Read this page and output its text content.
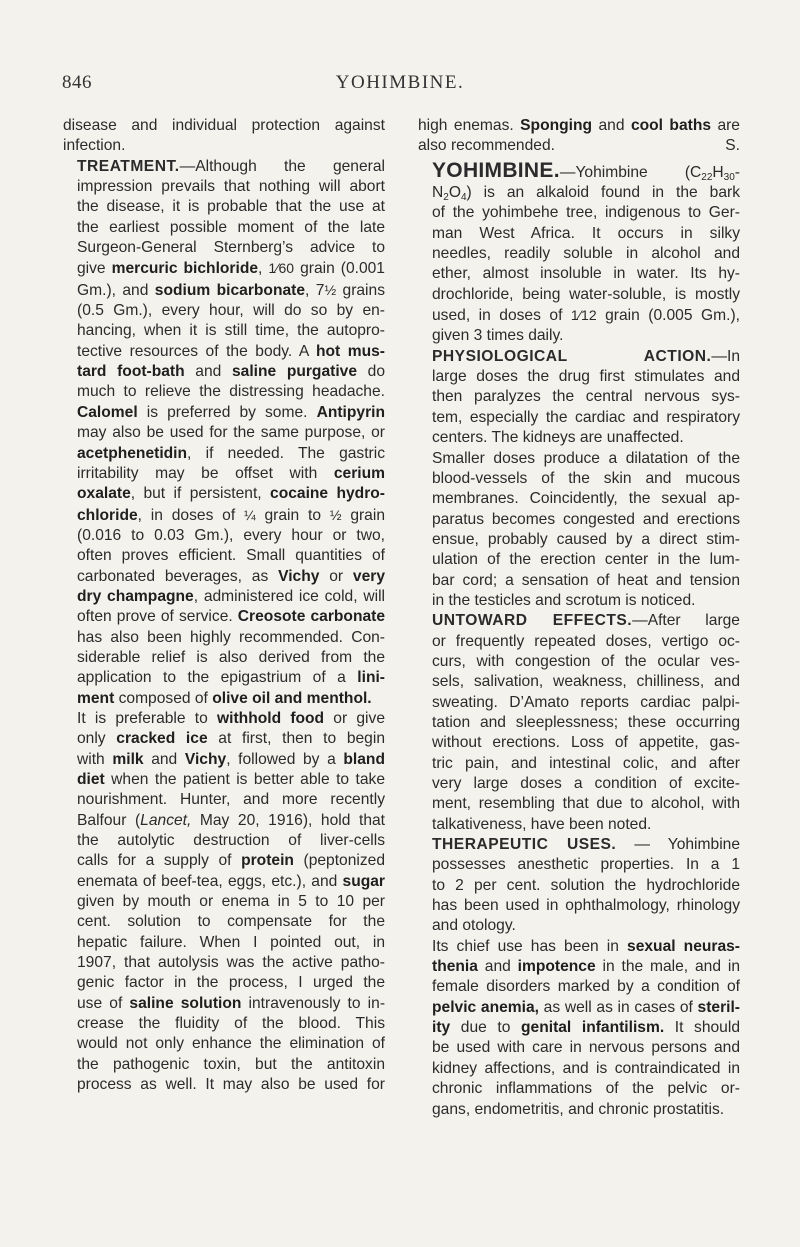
846	YOHIMBINE.

disease and individual protection against
infection.

TREATMENT.—Although the general
impression prevails that nothing will abort
the disease, it is probable that the use at
the earliest possible moment of the late
Surgeon-General Sternberg’s advice to
give mercuric bichloride, 1⁄60 grain (0.001
Gm.), and sodium bicarbonate, 7½ grains
(0.5 Gm.), every hour, will do so by en-
hancing, when it is still time, the autopro-
tective resources of the body. A hot mus-
tard foot-bath and saline purgative do
much to relieve the distressing headache.
Calomel is preferred by some. Antipyrin
may also be used for the same purpose, or
acetphenetidin, if needed. The gastric
irritability may be offset with cerium
oxalate, but if persistent, cocaine hydro-
chloride, in doses of ¼ grain to ½ grain
(0.016 to 0.03 Gm.), every hour or two,
often proves efficient. Small quantities of
carbonated beverages, as Vichy or very
dry champagne, administered ice cold, will
often prove of service. Creosote carbonate
has also been highly recommended. Con-
siderable relief is also derived from the
application to the epigastrium of a lini-
ment composed of olive oil and menthol.

It is preferable to withhold food or give
only cracked ice at first, then to begin
with milk and Vichy, followed by a bland
diet when the patient is better able to take
nourishment. Hunter, and more recently
Balfour (Lancet, May 20, 1916), hold that
the autolytic destruction of liver-cells
calls for a supply of protein (peptonized
enemata of beef-tea, eggs, etc.), and sugar
given by mouth or enema in 5 to 10 per
cent. solution to compensate for the
hepatic failure. When I pointed out, in
1907, that autolysis was the active patho-
genic factor in the process, I urged the
use of saline solution intravenously to in-
crease the fluidity of the blood. This
would not only enhance the elimination of
the pathogenic toxin, but the antitoxin
process as well. It may also be used for

high enemas. Sponging and cool baths are
also recommended.	S.

YOHIMBINE.—Yohimbine ($C_{22}H_{30}-$
$N_2O_4$) is an alkaloid found in the bark
of the yohimbehe tree, indigenous to Ger-
man West Africa. It occurs in silky
needles, readily soluble in alcohol and
ether, almost insoluble in water. Its hy-
drochloride, being water-soluble, is mostly
used, in doses of 1⁄12 grain (0.005 Gm.),
given 3 times daily.

PHYSIOLOGICAL ACTION.—In
large doses the drug first stimulates and
then paralyzes the central nervous sys-
tem, especially the cardiac and respiratory
centers. The kidneys are unaffected.

Smaller doses produce a dilatation of the
blood-vessels of the skin and mucous
membranes. Coincidently, the sexual ap-
paratus becomes congested and erections
ensue, probably caused by a direct stim-
ulation of the erection center in the lum-
bar cord; a sensation of heat and tension
in the testicles and scrotum is noticed.

UNTOWARD EFFECTS.—After large
or frequently repeated doses, vertigo oc-
curs, with congestion of the ocular ves-
sels, salivation, weakness, chilliness, and
sweating. D’Amato reports cardiac palpi-
tation and sleeplessness; these occurring
without erections. Loss of appetite, gas-
tric pain, and intestinal colic, and after
very large doses a condition of excite-
ment, resembling that due to alcohol, with
talkativeness, have been noted.

THERAPEUTIC USES. — Yohimbine
possesses anesthetic properties. In a 1
to 2 per cent. solution the hydrochloride
has been used in ophthalmology, rhinology
and otology.

Its chief use has been in sexual neuras-
thenia and impotence in the male, and in
female disorders marked by a condition of
pelvic anemia, as well as in cases of steril-
ity due to genital infantilism. It should
be used with care in nervous persons and
kidney affections, and is contraindicated in
chronic inflammations of the pelvic or-
gans, endometritis, and chronic prostatitis.
